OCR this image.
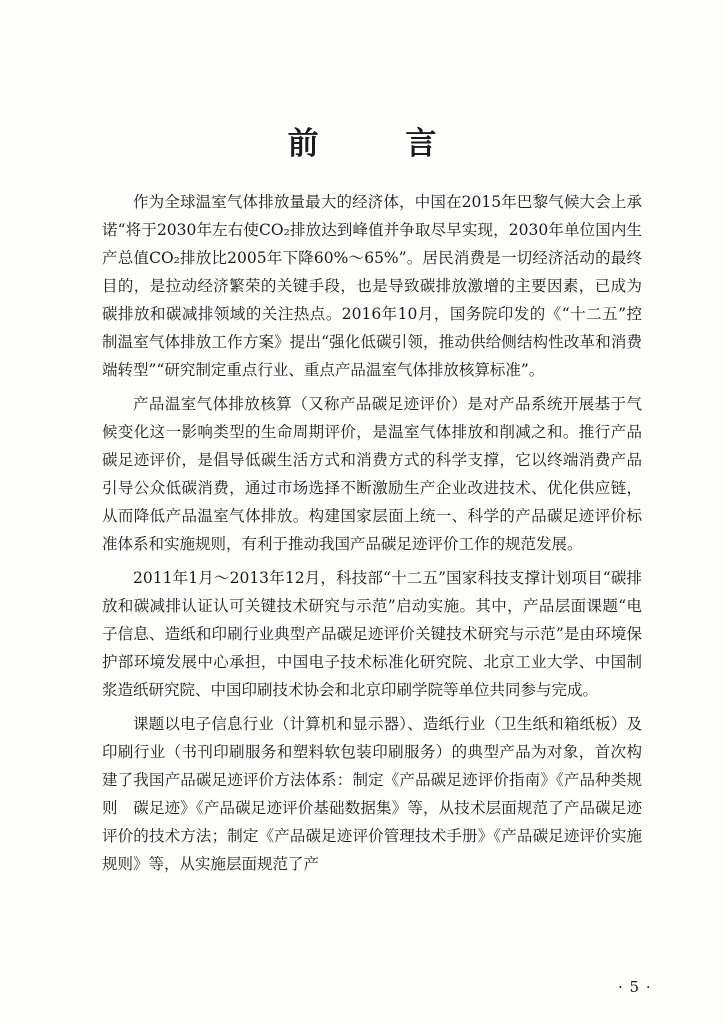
前 言

作为全球温室气体排放量最大的经济体，中国在2015年巴黎气候大会上承诺“将于2030年左右使CO₂排放达到峰值并争取尽早实现，2030年单位国内生产总值CO₂排放比2005年下降60%～65%”。居民消费是一切经济活动的最终目的，是拉动经济繁荣的关键手段，也是导致碳排放激增的主要因素，已成为碳排放和碳减排领域的关注热点。2016年10月，国务院印发的《“十二五”控制温室气体排放工作方案》提出“强化低碳引领，推动供给侧结构性改革和消费端转型”“研究制定重点行业、重点产品温室气体排放核算标准”。

产品温室气体排放核算（又称产品碳足迹评价）是对产品系统开展基于气候变化这一影响类型的生命周期评价，是温室气体排放和削减之和。推行产品碳足迹评价，是倡导低碳生活方式和消费方式的科学支撑，它以终端消费产品引导公众低碳消费，通过市场选择不断激励生产企业改进技术、优化供应链，从而降低产品温室气体排放。构建国家层面上统一、科学的产品碳足迹评价标准体系和实施规则，有利于推动我国产品碳足迹评价工作的规范发展。

2011年1月～2013年12月，科技部“十二五”国家科技支撑计划项目“碳排放和碳减排认证认可关键技术研究与示范”启动实施。其中，产品层面课题“电子信息、造纸和印刷行业典型产品碳足迹评价关键技术研究与示范”是由环境保护部环境发展中心承担，中国电子技术标准化研究院、北京工业大学、中国制浆造纸研究院、中国印刷技术协会和北京印刷学院等单位共同参与完成。

课题以电子信息行业（计算机和显示器）、造纸行业（卫生纸和箱纸板）及印刷行业（书刊印刷服务和塑料软包装印刷服务）的典型产品为对象，首次构建了我国产品碳足迹评价方法体系：制定《产品碳足迹评价指南》《产品种类规则　碳足迹》《产品碳足迹评价基础数据集》等，从技术层面规范了产品碳足迹评价的技术方法；制定《产品碳足迹评价管理技术手册》《产品碳足迹评价实施规则》等，从实施层面规范了产

· 5 ·
